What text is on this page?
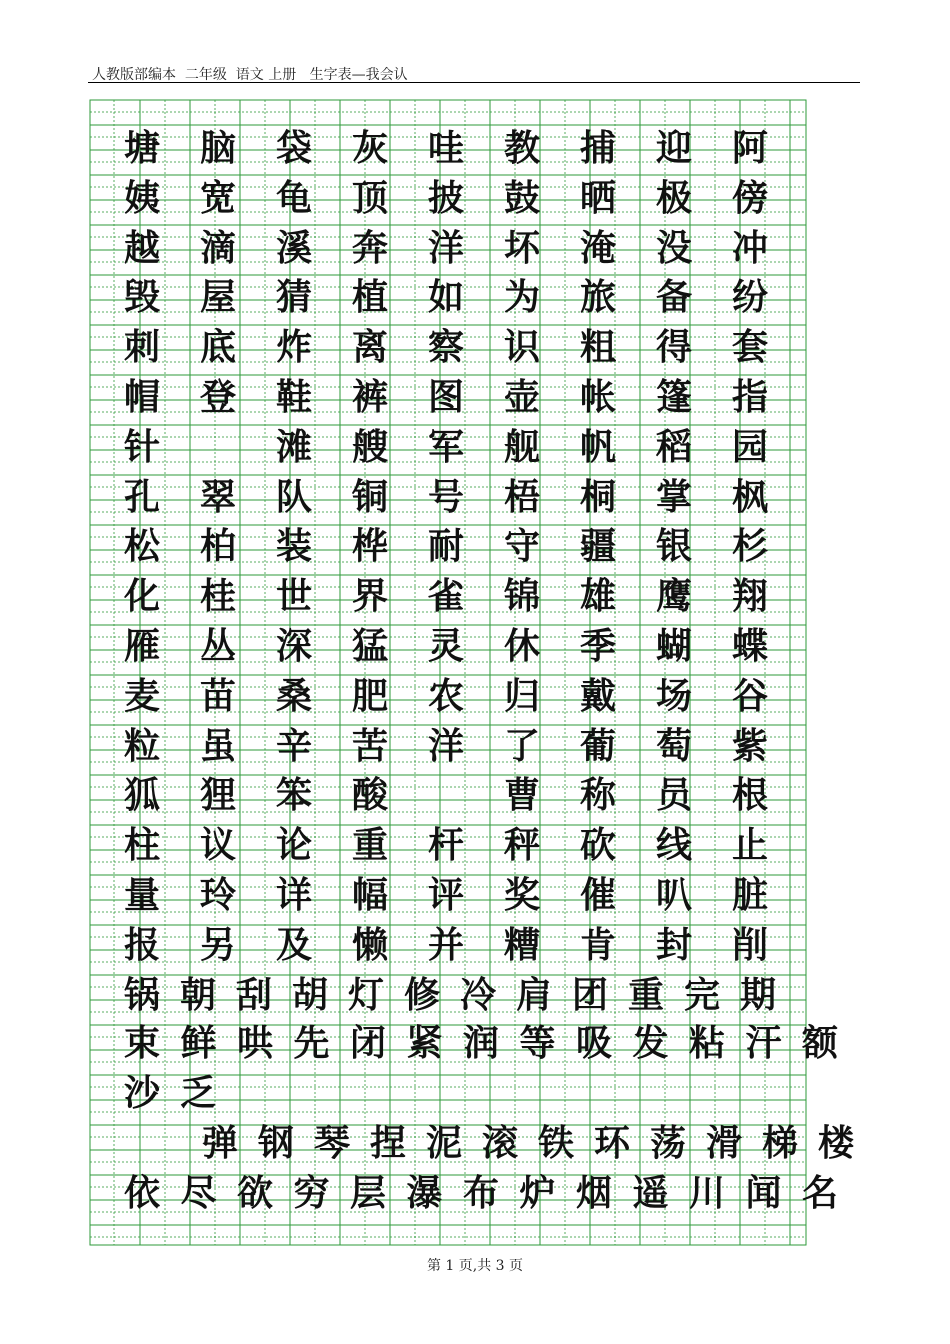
人教版部编本  二年级  语文 上册   生字表—我会认
塘 脑 袋 灰 哇 教 捕 迎 阿
姨 宽 龟 顶 披 鼓 晒 极 傍
越 滴 溪 奔 洋 坏 淹 没 冲
毁 屋 猜 植 如 为 旅 备 纷
刺 底 炸 离 察 识 粗 得 套
帽 登 鞋 裤 图 壶 帐 篷 指
针	滩 艘 军 舰 帆 稻 园
孔 翠 队 铜 号 梧 桐 掌 枫
松 柏 装 桦 耐 守 疆 银 杉
化 桂 世 界 雀 锦 雄 鹰 翔
雁 丛 深 猛 灵 休 季 蝴 蝶
麦 苗 桑 肥 农 归 戴 场 谷
粒 虽 辛 苦 洋 了 葡 萄 紫
狐 狸 笨 酸	曹 称 员 根
柱 议 论 重 杆 秤 砍 线 止
量 玲 详 幅 评 奖 催 叭 脏
报 另 及 懒 并 糟 肯 封 削
锅 朝 刮 胡 灯 修 冷 肩 团 重 完 期
束 鲜 哄 先 闭 紧 润 等 吸 发 粘 汗 额
沙 乏
弹 钢 琴 捏 泥 滚 铁 环 荡 滑 梯 楼
依 尽 欲 穷 层 瀑 布 炉 烟 遥 川 闻 名
第 1 页,共 3 页
